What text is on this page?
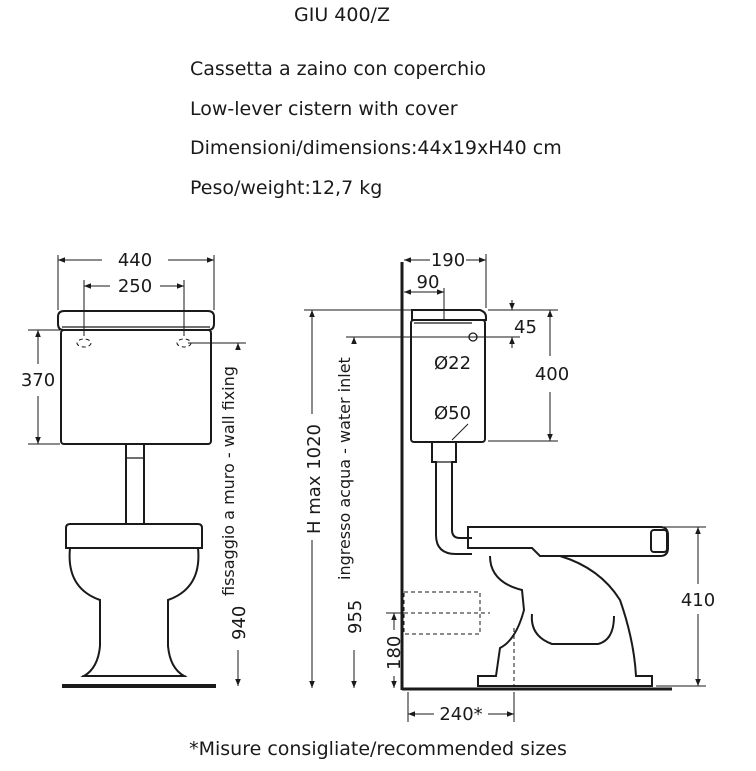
GIU 400/Z
Cassetta a zaino con coperchio
Low-lever cistern with cover
Dimensioni/dimensions:44x19xH40 cm
Peso/weight:12,7 kg
440
250
370	fissaggio a muro - wall fixing
940
Ø22
Ø50
190
90
45
400
410
H max 1020 ingresso acqua - water inlet
955
180
240*
*Misure consigliate/recommended sizes
